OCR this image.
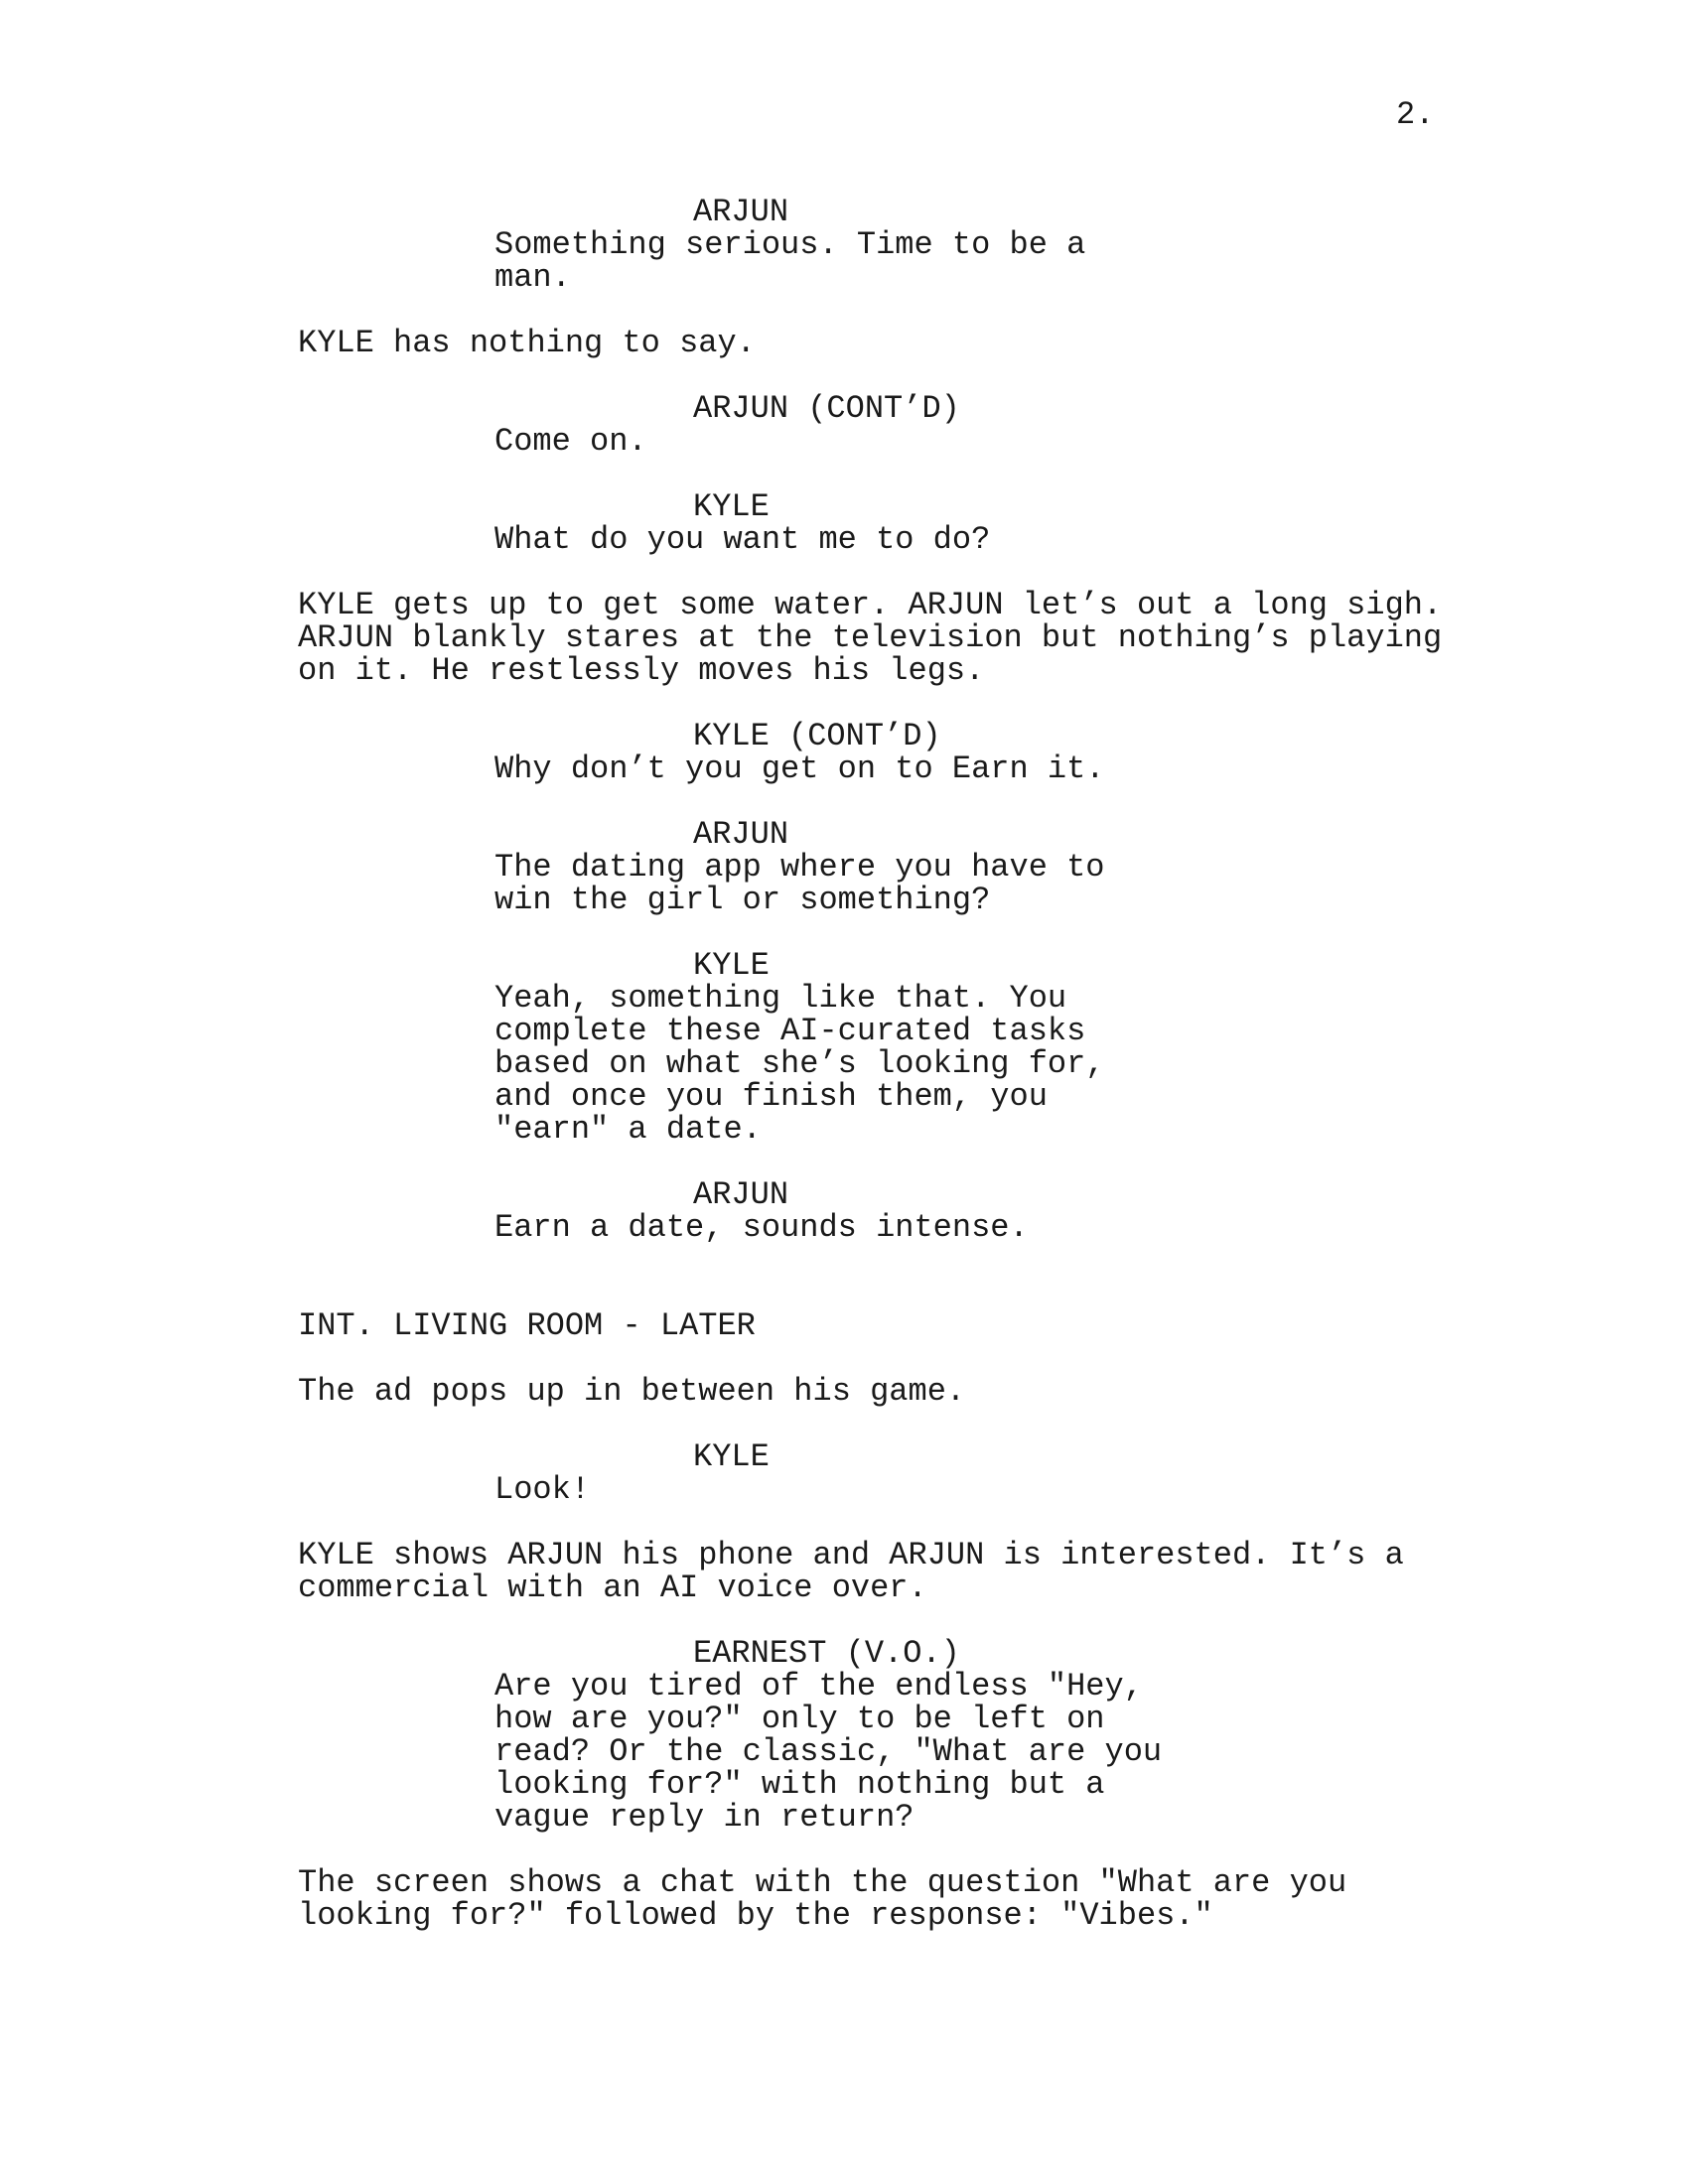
2.
ARJUN
Something serious. Time to be a
man.
KYLE has nothing to say.
ARJUN (CONT’D)
Come on.
KYLE
What do you want me to do?
KYLE gets up to get some water. ARJUN let’s out a long sigh.
ARJUN blankly stares at the television but nothing’s playing
on it. He restlessly moves his legs.
KYLE (CONT’D)
Why don’t you get on to Earn it.
ARJUN
The dating app where you have to
win the girl or something?
KYLE
Yeah, something like that. You
complete these AI-curated tasks
based on what she’s looking for,
and once you finish them, you
"earn" a date.
ARJUN
Earn a date, sounds intense.
INT. LIVING ROOM - LATER
The ad pops up in between his game.
KYLE
Look!
KYLE shows ARJUN his phone and ARJUN is interested. It’s a
commercial with an AI voice over.
EARNEST (V.O.)
Are you tired of the endless "Hey,
how are you?" only to be left on
read? Or the classic, "What are you
looking for?" with nothing but a
vague reply in return?
The screen shows a chat with the question "What are you
looking for?" followed by the response: "Vibes."
